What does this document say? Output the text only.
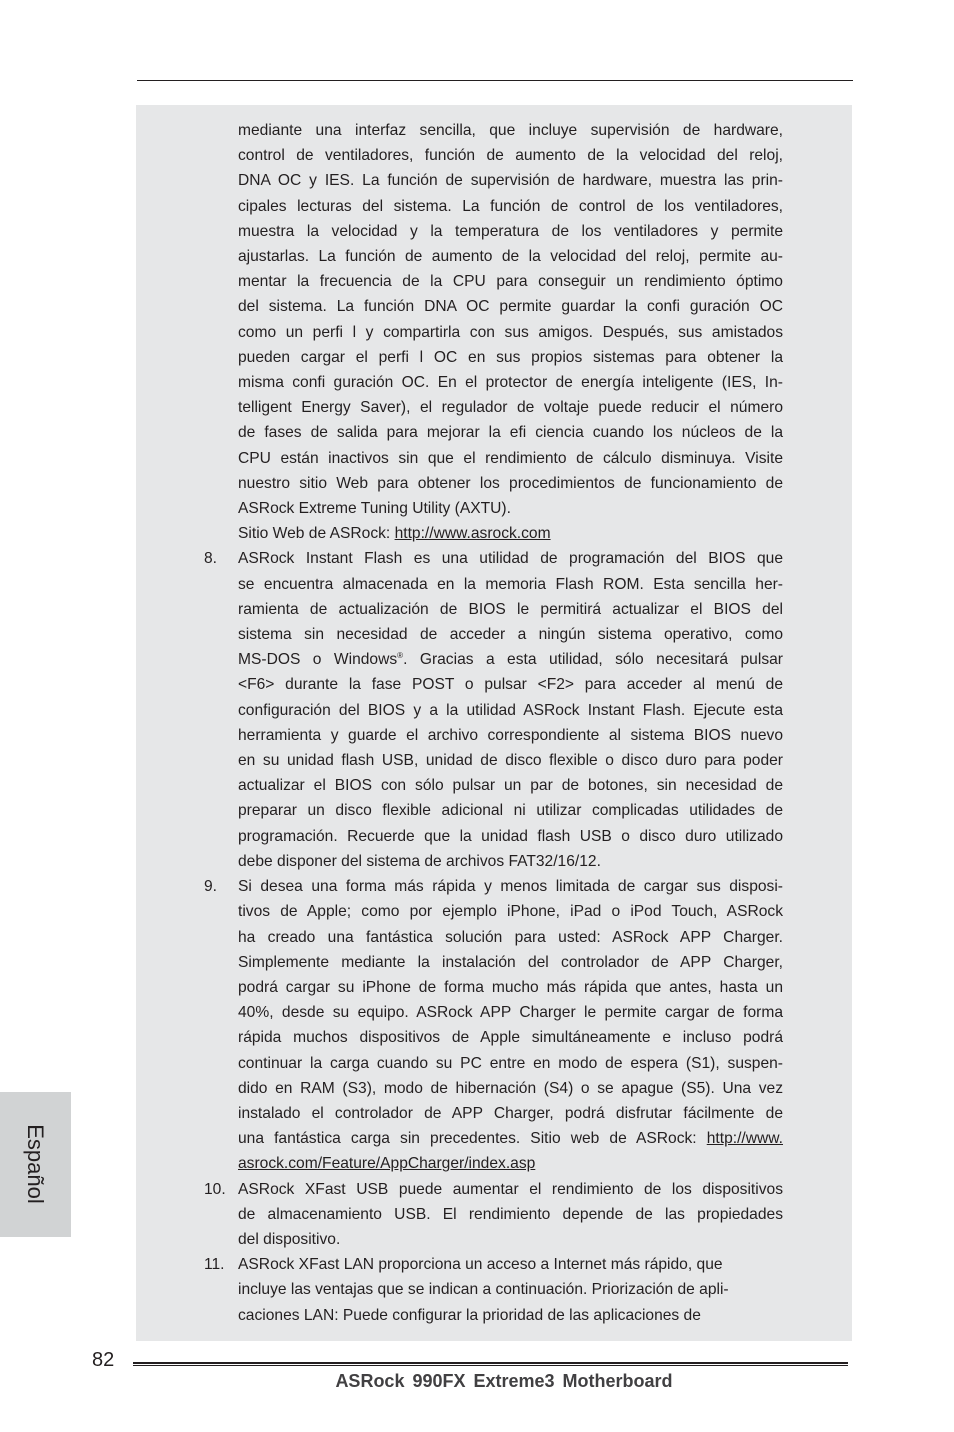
mediante una interfaz sencilla, que incluye supervisión de hardware,
control de ventiladores, función de aumento de la velocidad del reloj,
DNA OC y IES. La función de supervisión de hardware, muestra las prin-
cipales lecturas del sistema. La función de control de los ventiladores,
muestra la velocidad y la temperatura de los ventiladores y permite
ajustarlas. La función de aumento de la velocidad del reloj, permite au-
mentar la frecuencia de la CPU para conseguir un rendimiento óptimo
del sistema. La función DNA OC permite guardar la confi guración OC
como un perfi l y compartirla con sus amigos. Después, sus amistados
pueden cargar el perfi l OC en sus propios sistemas para obtener la
misma confi guración OC. En el protector de energía inteligente (IES, In-
telligent Energy Saver), el regulador de voltaje puede reducir el número
de fases de salida para mejorar la efi ciencia cuando los núcleos de la
CPU están inactivos sin que el rendimiento de cálculo disminuya. Visite
nuestro sitio Web para obtener los procedimientos de funcionamiento de
ASRock Extreme Tuning Utility (AXTU).
Sitio Web de ASRock: http://www.asrock.com

8. ASRock Instant Flash es una utilidad de programación del BIOS que
se encuentra almacenada en la memoria Flash ROM. Esta sencilla her-
ramienta de actualización de BIOS le permitirá actualizar el BIOS del
sistema sin necesidad de acceder a ningún sistema operativo, como
MS-DOS o Windows®. Gracias a esta utilidad, sólo necesitará pulsar
<F6> durante la fase POST o pulsar <F2> para acceder al menú de
configuración del BIOS y a la utilidad ASRock Instant Flash. Ejecute esta
herramienta y guarde el archivo correspondiente al sistema BIOS nuevo
en su unidad flash USB, unidad de disco flexible o disco duro para poder
actualizar el BIOS con sólo pulsar un par de botones, sin necesidad de
preparar un disco flexible adicional ni utilizar complicadas utilidades de
programación. Recuerde que la unidad flash USB o disco duro utilizado
debe disponer del sistema de archivos FAT32/16/12.
9. Si desea una forma más rápida y menos limitada de cargar sus disposi-
tivos de Apple; como por ejemplo iPhone, iPad o iPod Touch, ASRock
ha creado una fantástica solución para usted: ASRock APP Charger.
Simplemente mediante la instalación del controlador de APP Charger,
podrá cargar su iPhone de forma mucho más rápida que antes, hasta un
40%, desde su equipo. ASRock APP Charger le permite cargar de forma
rápida muchos dispositivos de Apple simultáneamente e incluso podrá
continuar la carga cuando su PC entre en modo de espera (S1), suspen-
dido en RAM (S3), modo de hibernación (S4) o se apague (S5). Una vez
instalado el controlador de APP Charger, podrá disfrutar fácilmente de
una fantástica carga sin precedentes. Sitio web de ASRock: http://www.
asrock.com/Feature/AppCharger/index.asp
10. ASRock XFast USB puede aumentar el rendimiento de los dispositivos
de almacenamiento USB. El rendimiento depende de las propiedades
del dispositivo.
11. ASRock XFast LAN proporciona un acceso a Internet más rápido, que
incluye las ventajas que se indican a continuación. Priorización de apli-
caciones LAN: Puede configurar la prioridad de las aplicaciones de
Español
82
ASRock 990FX Extreme3 Motherboard
